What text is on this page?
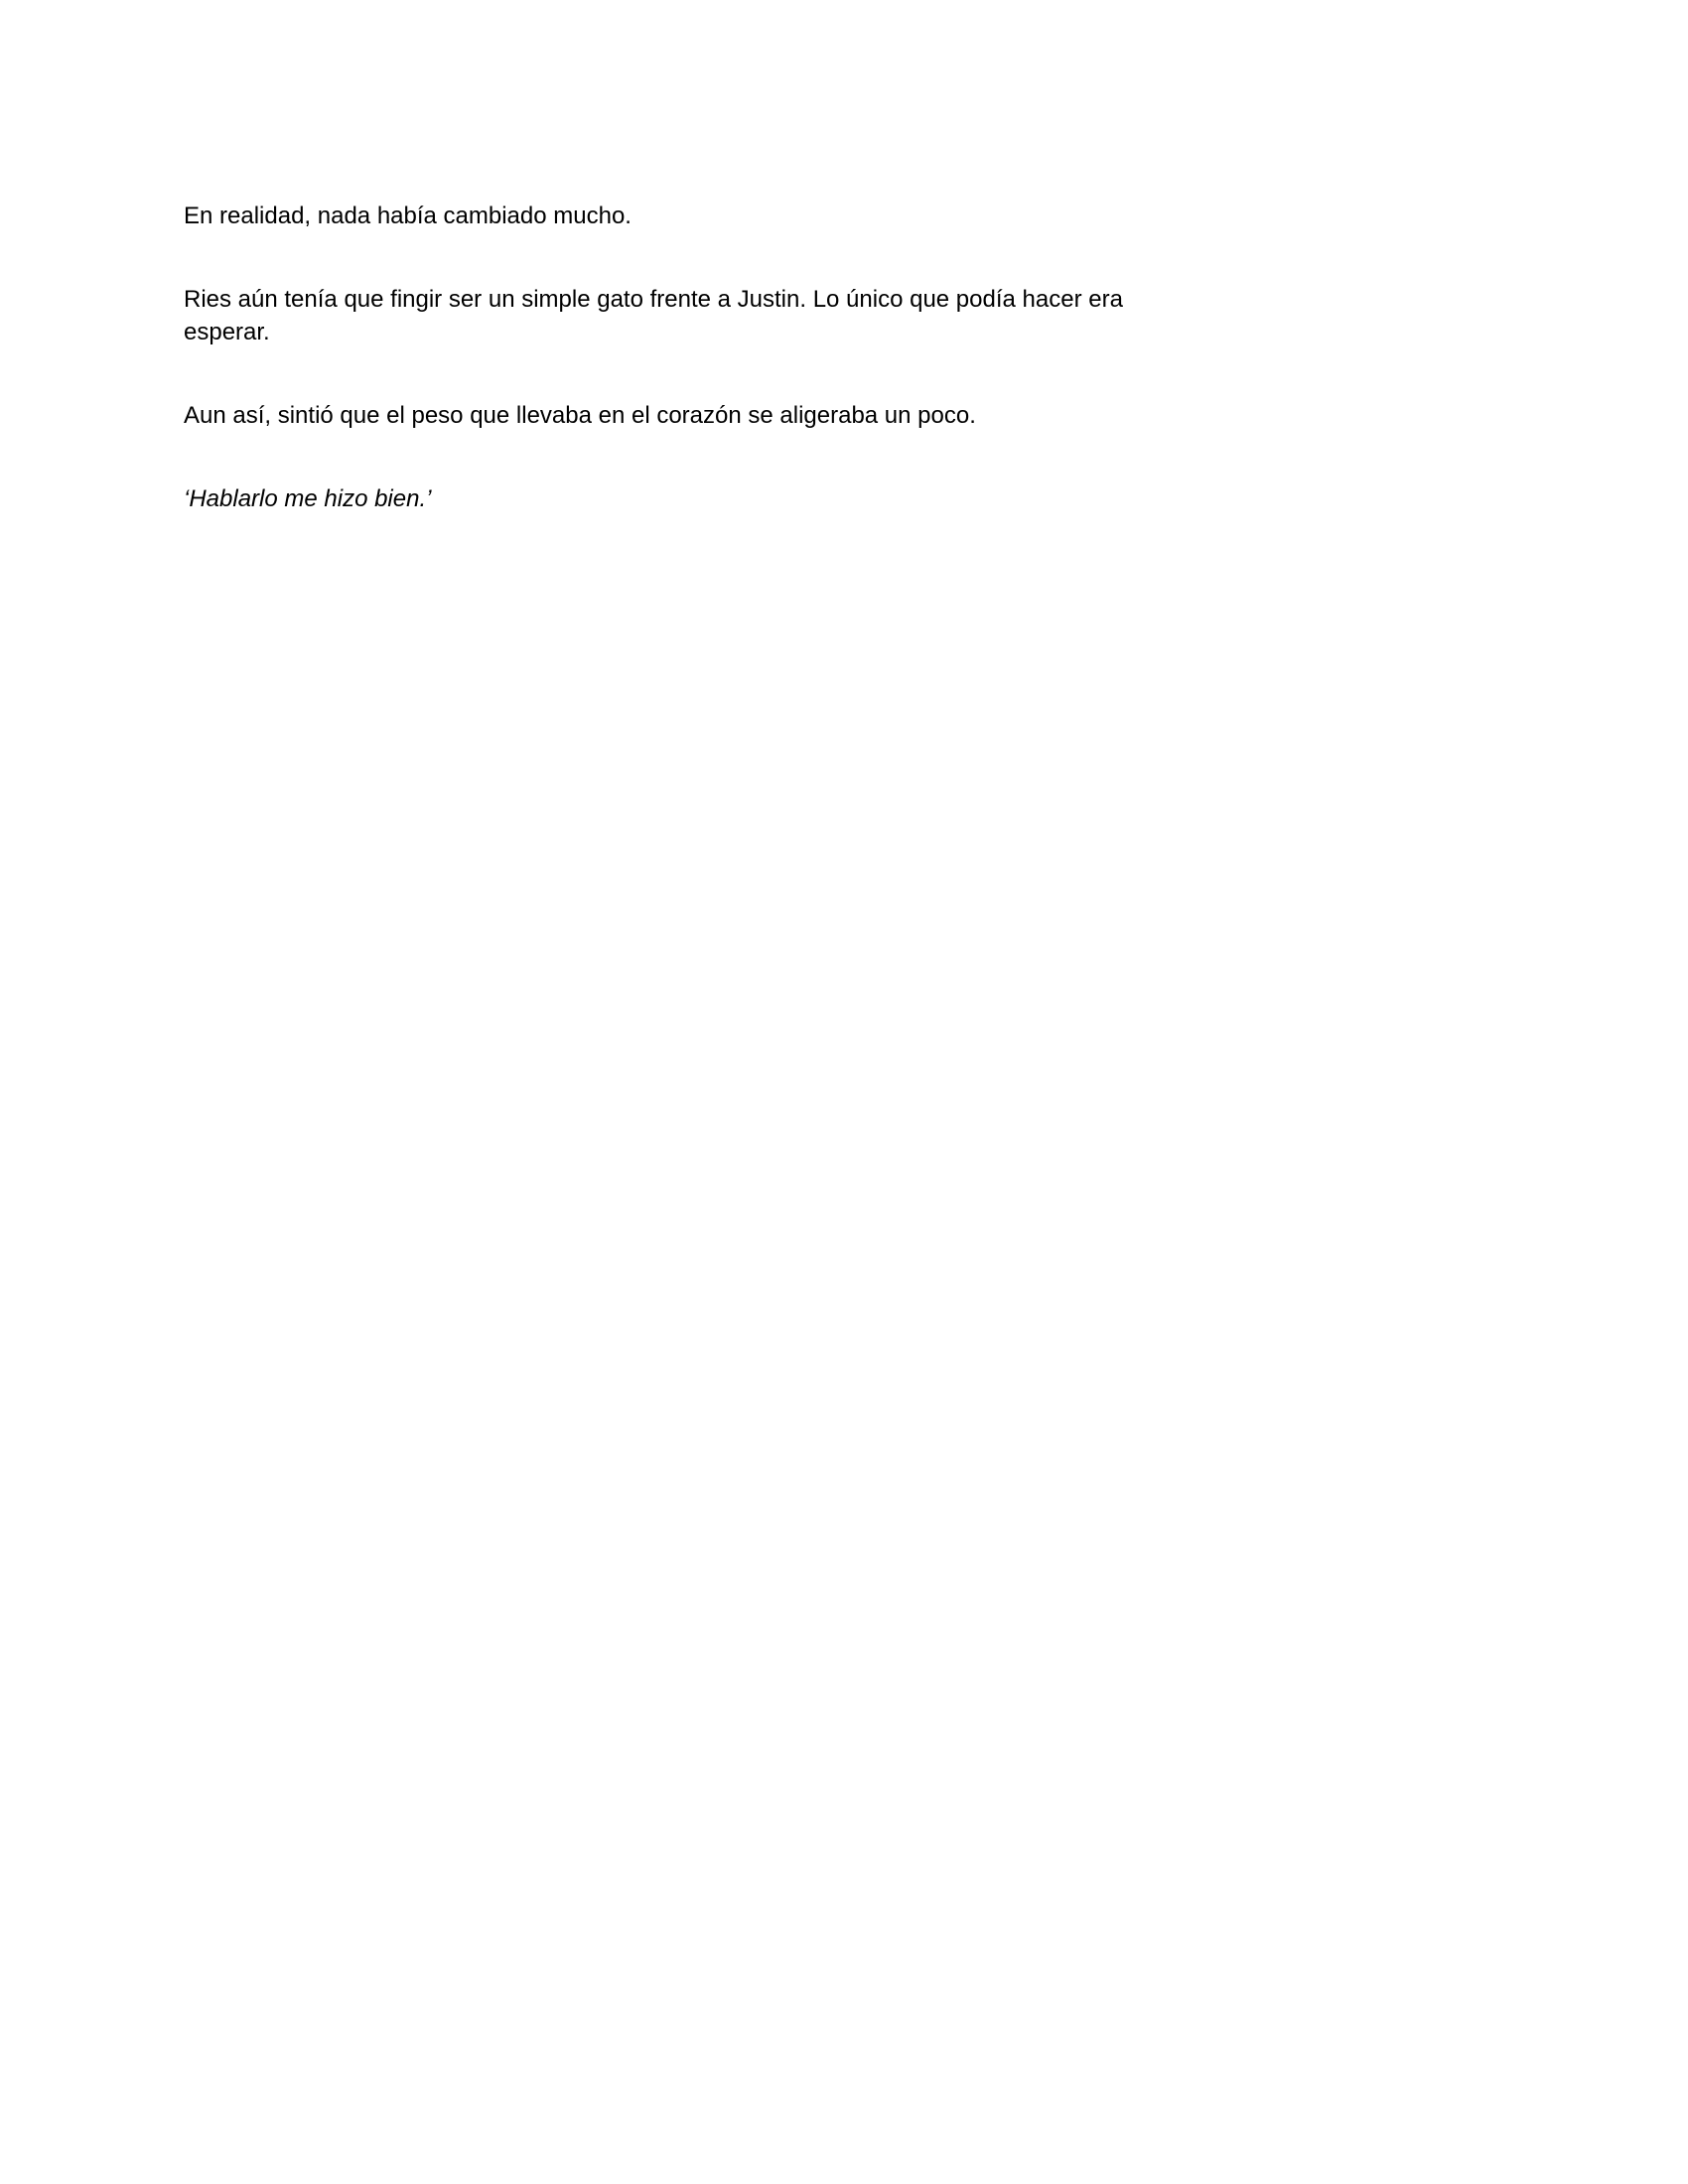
En realidad, nada había cambiado mucho.

Ries aún tenía que fingir ser un simple gato frente a Justin. Lo único que podía hacer era esperar.

Aun así, sintió que el peso que llevaba en el corazón se aligeraba un poco.

‘Hablarlo me hizo bien.’
